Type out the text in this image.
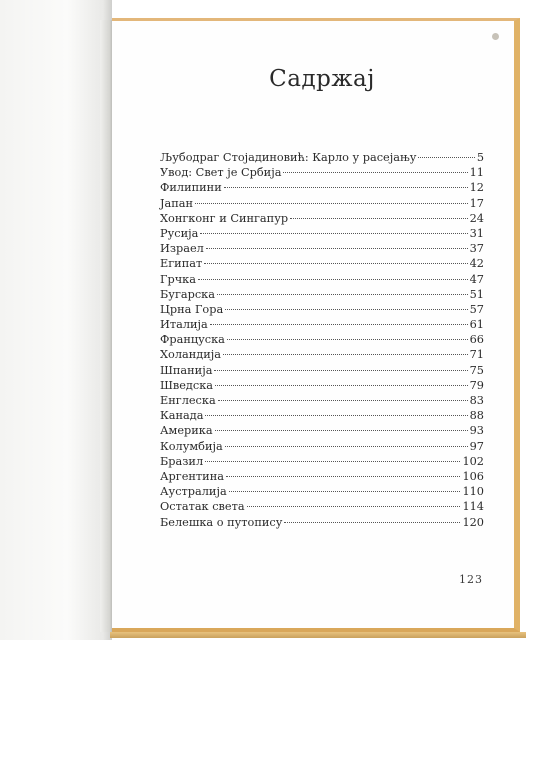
Садржај
Љубодраг Стојадиновић: Карло у расејању	5
Увод: Свет је Србија	11
Филипини	12
Јапан	17
Хонгконг и Сингапур	24
Русија	31
Израел	37
Египат	42
Грчка	47
Бугарска	51
Црна Гора	57
Италија	61
Француска	66
Холандија	71
Шпанија	75
Шведска	79
Енглеска	83
Канада	88
Америка	93
Колумбија	97
Бразил	102
Аргентина	106
Аустралија	110
Остатак света	114
Белешка о путопису	120
123
